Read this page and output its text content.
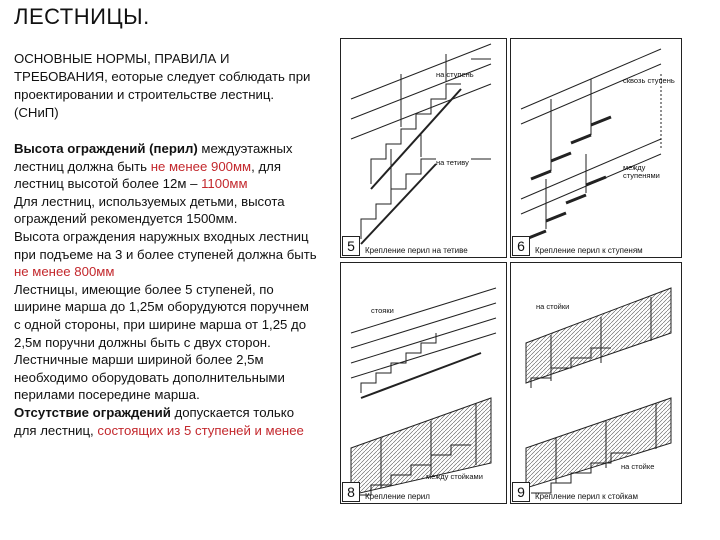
ЛЕСТНИЦЫ.
ОСНОВНЫЕ НОРМЫ, ПРАВИЛА И ТРЕБОВАНИЯ, еоторые следует соблюдать при проектировании и строительстве лестниц. (СНиП)
Высота ограждений (перил) междуэтажных лестниц должна быть не менее 900мм, для лестниц высотой более 12м – 1100мм
Для лестниц, используемых детьми, высота ограждений рекомендуется 1500мм.
Высота ограждения наружных входных лестниц при подъеме на 3 и более ступеней должна быть не менее 800мм
Лестницы, имеющие более 5 ступеней, по ширине марша до 1,25м оборудуются поручнем с одной стороны, при ширине марша от 1,25 до 2,5м поручни должны быть с двух сторон. Лестничные марши шириной более 2,5м необходимо оборудовать дополнительными перилами посередине марша.
Отсутствие ограждений допускается только для лестниц, состоящих из 5 ступеней и менее
на ступень
на тетиву
5	Крепление перил на тетиве
сквозь ступень
между ступенями
6	Крепление перил к ступеням
стояки
между стойками
8	Крепление перил
на стойки
на стойке
9	Крепление перил к стойкам
